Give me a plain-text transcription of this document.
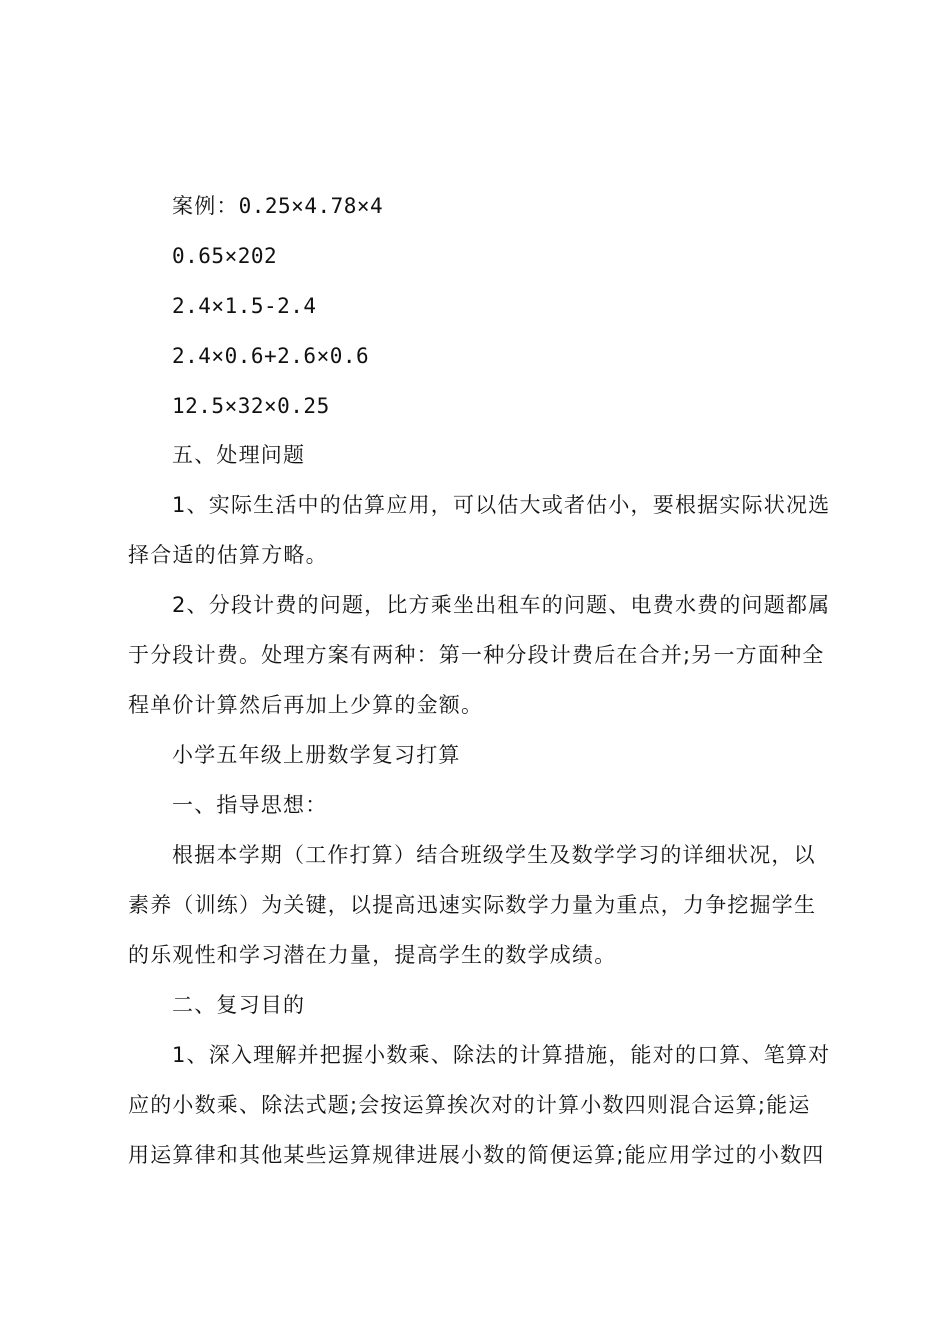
案例：0.25×4.78×4
0.65×202
2.4×1.5-2.4
2.4×0.6+2.6×0.6
12.5×32×0.25
五、处理问题
1、实际生活中的估算应用，可以估大或者估小，要根据实际状况选
择合适的估算方略。
2、分段计费的问题，比方乘坐出租车的问题、电费水费的问题都属
于分段计费。处理方案有两种：第一种分段计费后在合并;另一方面种全
程单价计算然后再加上少算的金额。
小学五年级上册数学复习打算
一、指导思想：
根据本学期（工作打算）结合班级学生及数学学习的详细状况，以
素养（训练）为关键，以提高迅速实际数学力量为重点，力争挖掘学生
的乐观性和学习潜在力量，提高学生的数学成绩。
二、复习目的
1、深入理解并把握小数乘、除法的计算措施，能对的口算、笔算对
应的小数乘、除法式题;会按运算挨次对的计算小数四则混合运算;能运
用运算律和其他某些运算规律进展小数的简便运算;能应用学过的小数四
